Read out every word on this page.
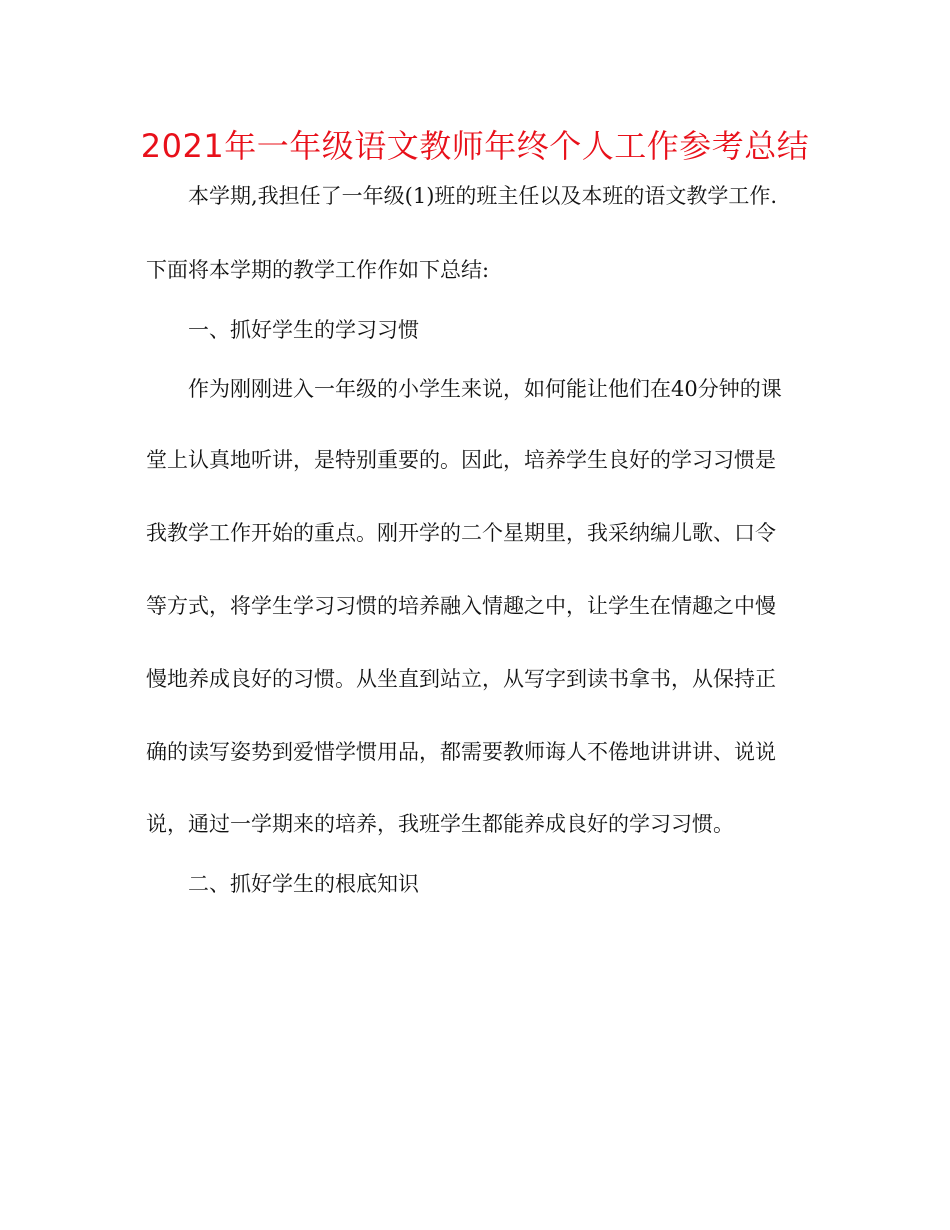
2021年一年级语文教师年终个人工作参考总结

本学期,我担任了一年级(1)班的班主任以及本班的语文教学工作.

下面将本学期的教学工作作如下总结:

一、抓好学生的学习习惯

作为刚刚进入一年级的小学生来说，如何能让他们在40分钟的课

堂上认真地听讲，是特别重要的。因此，培养学生良好的学习习惯是

我教学工作开始的重点。刚开学的二个星期里，我采纳编儿歌、口令

等方式，将学生学习习惯的培养融入情趣之中，让学生在情趣之中慢

慢地养成良好的习惯。从坐直到站立，从写字到读书拿书，从保持正

确的读写姿势到爱惜学惯用品，都需要教师诲人不倦地讲讲讲、说说

说，通过一学期来的培养，我班学生都能养成良好的学习习惯。

二、抓好学生的根底知识
